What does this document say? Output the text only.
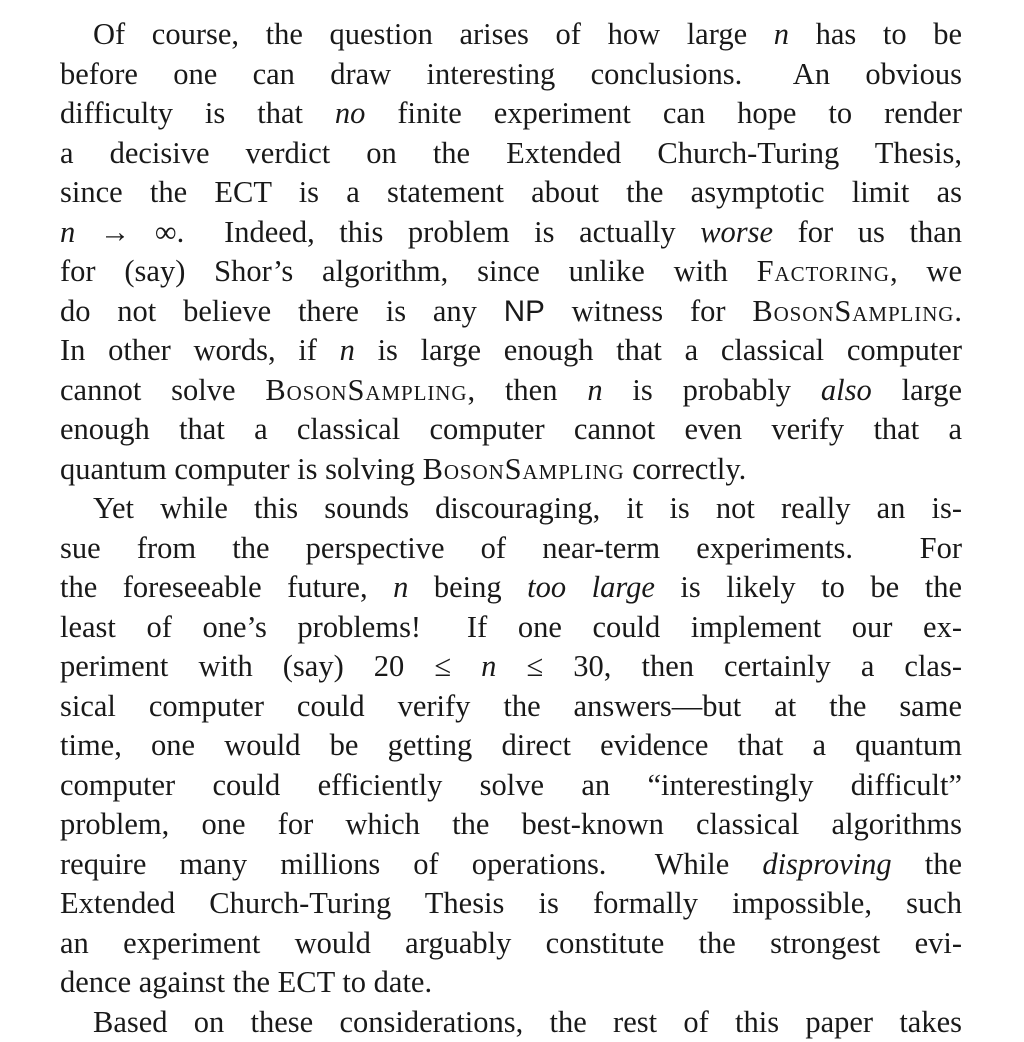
Of course, the question arises of how large n has to be
before one can draw interesting conclusions.  An obvious
difficulty is that no finite experiment can hope to render
a decisive verdict on the Extended Church-Turing Thesis,
since the ECT is a statement about the asymptotic limit as
n → ∞.  Indeed, this problem is actually worse for us than
for (say) Shor’s algorithm, since unlike with Factoring, we
do not believe there is any NP witness for BosonSampling.
In other words, if n is large enough that a classical computer
cannot solve BosonSampling, then n is probably also large
enough that a classical computer cannot even verify that a
quantum computer is solving BosonSampling correctly.
Yet while this sounds discouraging, it is not really an is-
sue from the perspective of near-term experiments.   For
the foreseeable future, n being too large is likely to be the
least of one’s problems!  If one could implement our ex-
periment with (say) 20 ≤ n ≤ 30, then certainly a clas-
sical computer could verify the answers—but at the same
time, one would be getting direct evidence that a quantum
computer could efficiently solve an “interestingly difficult”
problem, one for which the best-known classical algorithms
require many millions of operations.  While disproving the
Extended Church-Turing Thesis is formally impossible, such
an experiment would arguably constitute the strongest evi-
dence against the ECT to date.
Based on these considerations, the rest of this paper takes
